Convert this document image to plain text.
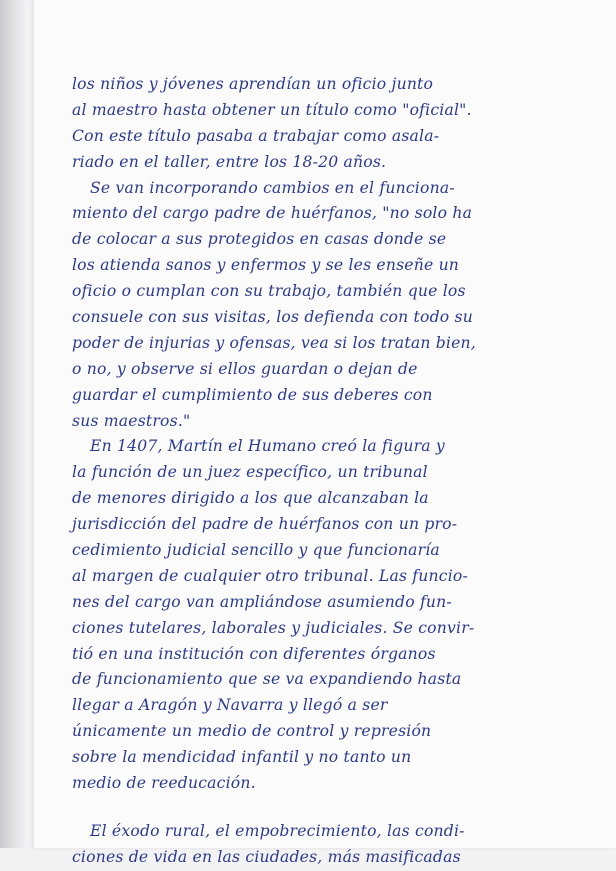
los niños y jóvenes aprendían un oficio junto
al maestro hasta obtener un título como "oficial".
Con este título pasaba a trabajar como asala-
riado en el taller, entre los 18-20 años.
Se van incorporando cambios en el funciona-
miento del cargo padre de huérfanos, "no solo ha
de colocar a sus protegidos en casas donde se
los atienda sanos y enfermos y se les enseñe un
oficio o cumplan con su trabajo, también que los
consuele con sus visitas, los defienda con todo su
poder de injurias y ofensas, vea si los tratan bien,
o no, y observe si ellos guardan o dejan de
guardar el cumplimiento de sus deberes con
sus maestros."
En 1407, Martín el Humano creó la figura y
la función de un juez específico, un tribunal
de menores dirigido a los que alcanzaban la
jurisdicción del padre de huérfanos con un pro-
cedimiento judicial sencillo y que funcionaría
al margen de cualquier otro tribunal. Las funcio-
nes del cargo van ampliándose asumiendo fun-
ciones tutelares, laborales y judiciales. Se convir-
tió en una institución con diferentes órganos
de funcionamiento que se va expandiendo hasta
llegar a Aragón y Navarra y llegó a ser
únicamente un medio de control y represión
sobre la mendicidad infantil y no tanto un
medio de reeducación.
El éxodo rural, el empobrecimiento, las condi-
ciones de vida en las ciudades, más masificadas
